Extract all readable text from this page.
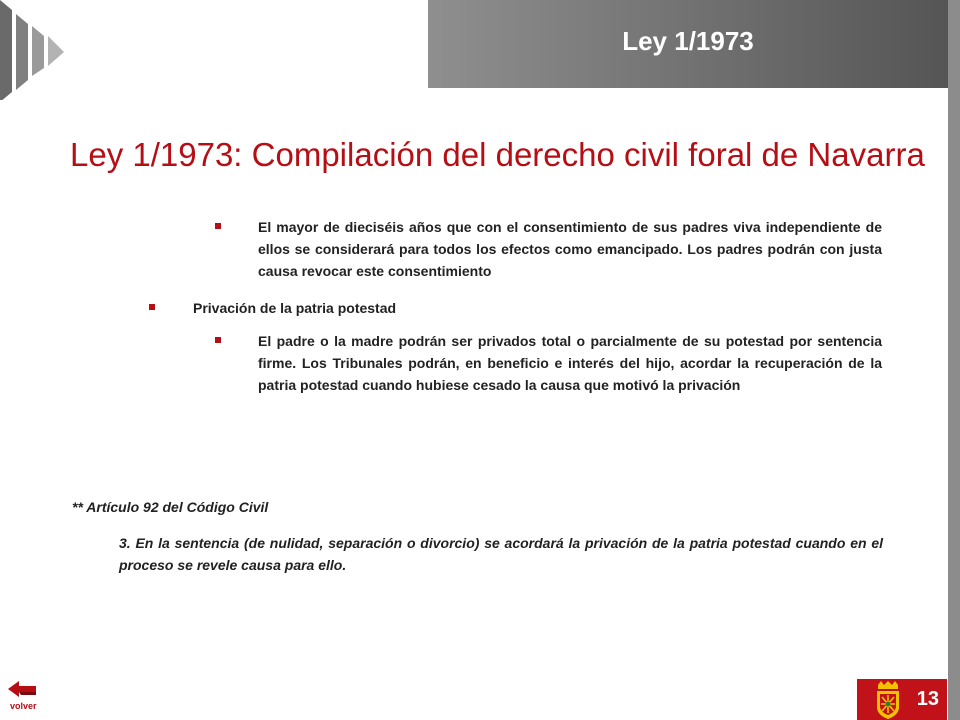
Ley 1/1973
Ley 1/1973: Compilación del derecho civil foral de Navarra
El mayor de dieciséis años que con el consentimiento de sus padres viva independiente de ellos se considerará para todos los efectos como emancipado. Los padres podrán con justa causa revocar este consentimiento
Privación de la patria potestad
El padre o la madre podrán ser privados total o parcialmente de su potestad por sentencia firme. Los Tribunales podrán, en beneficio e interés del hijo, acordar la recuperación de la patria potestad cuando hubiese cesado la causa que motivó la privación
** Artículo 92 del Código Civil
3. En la sentencia (de nulidad, separación o divorcio) se acordará la privación de la patria potestad cuando en el proceso se revele causa para ello.
volver	13
